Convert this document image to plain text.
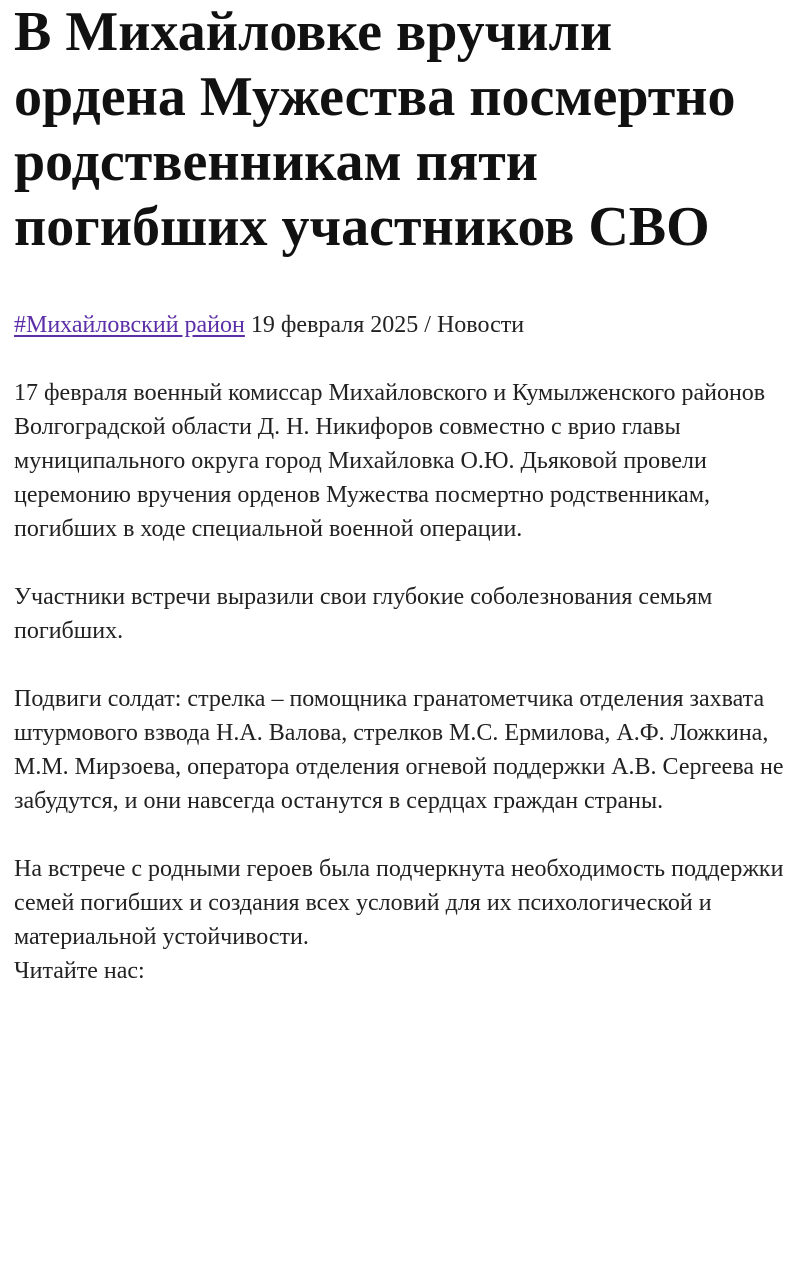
В Михайловке вручили ордена Мужества посмертно родственникам пяти погибших участников СВО
#Михайловский район 19 февраля 2025 / Новости

17 февраля военный комиссар Михайловского и Кумылженского районов Волгоградской области Д. Н. Никифоров совместно с врио главы муниципального округа город Михайловка О.Ю. Дьяковой провели церемонию вручения орденов Мужества посмертно родственникам, погибших в ходе специальной военной операции.

Участники встречи выразили свои глубокие соболезнования семьям погибших.

Подвиги солдат: стрелка – помощника гранатометчика отделения захвата штурмового взвода Н.А. Валова, стрелков М.С. Ермилова, А.Ф. Ложкина, М.М. Мирзоева, оператора отделения огневой поддержки А.В. Сергеева не забудутся, и они навсегда останутся в сердцах граждан страны.

На встрече с родными героев была подчеркнута необходимость поддержки семей погибших и создания всех условий для их психологической и материальной устойчивости.

Читайте нас:
